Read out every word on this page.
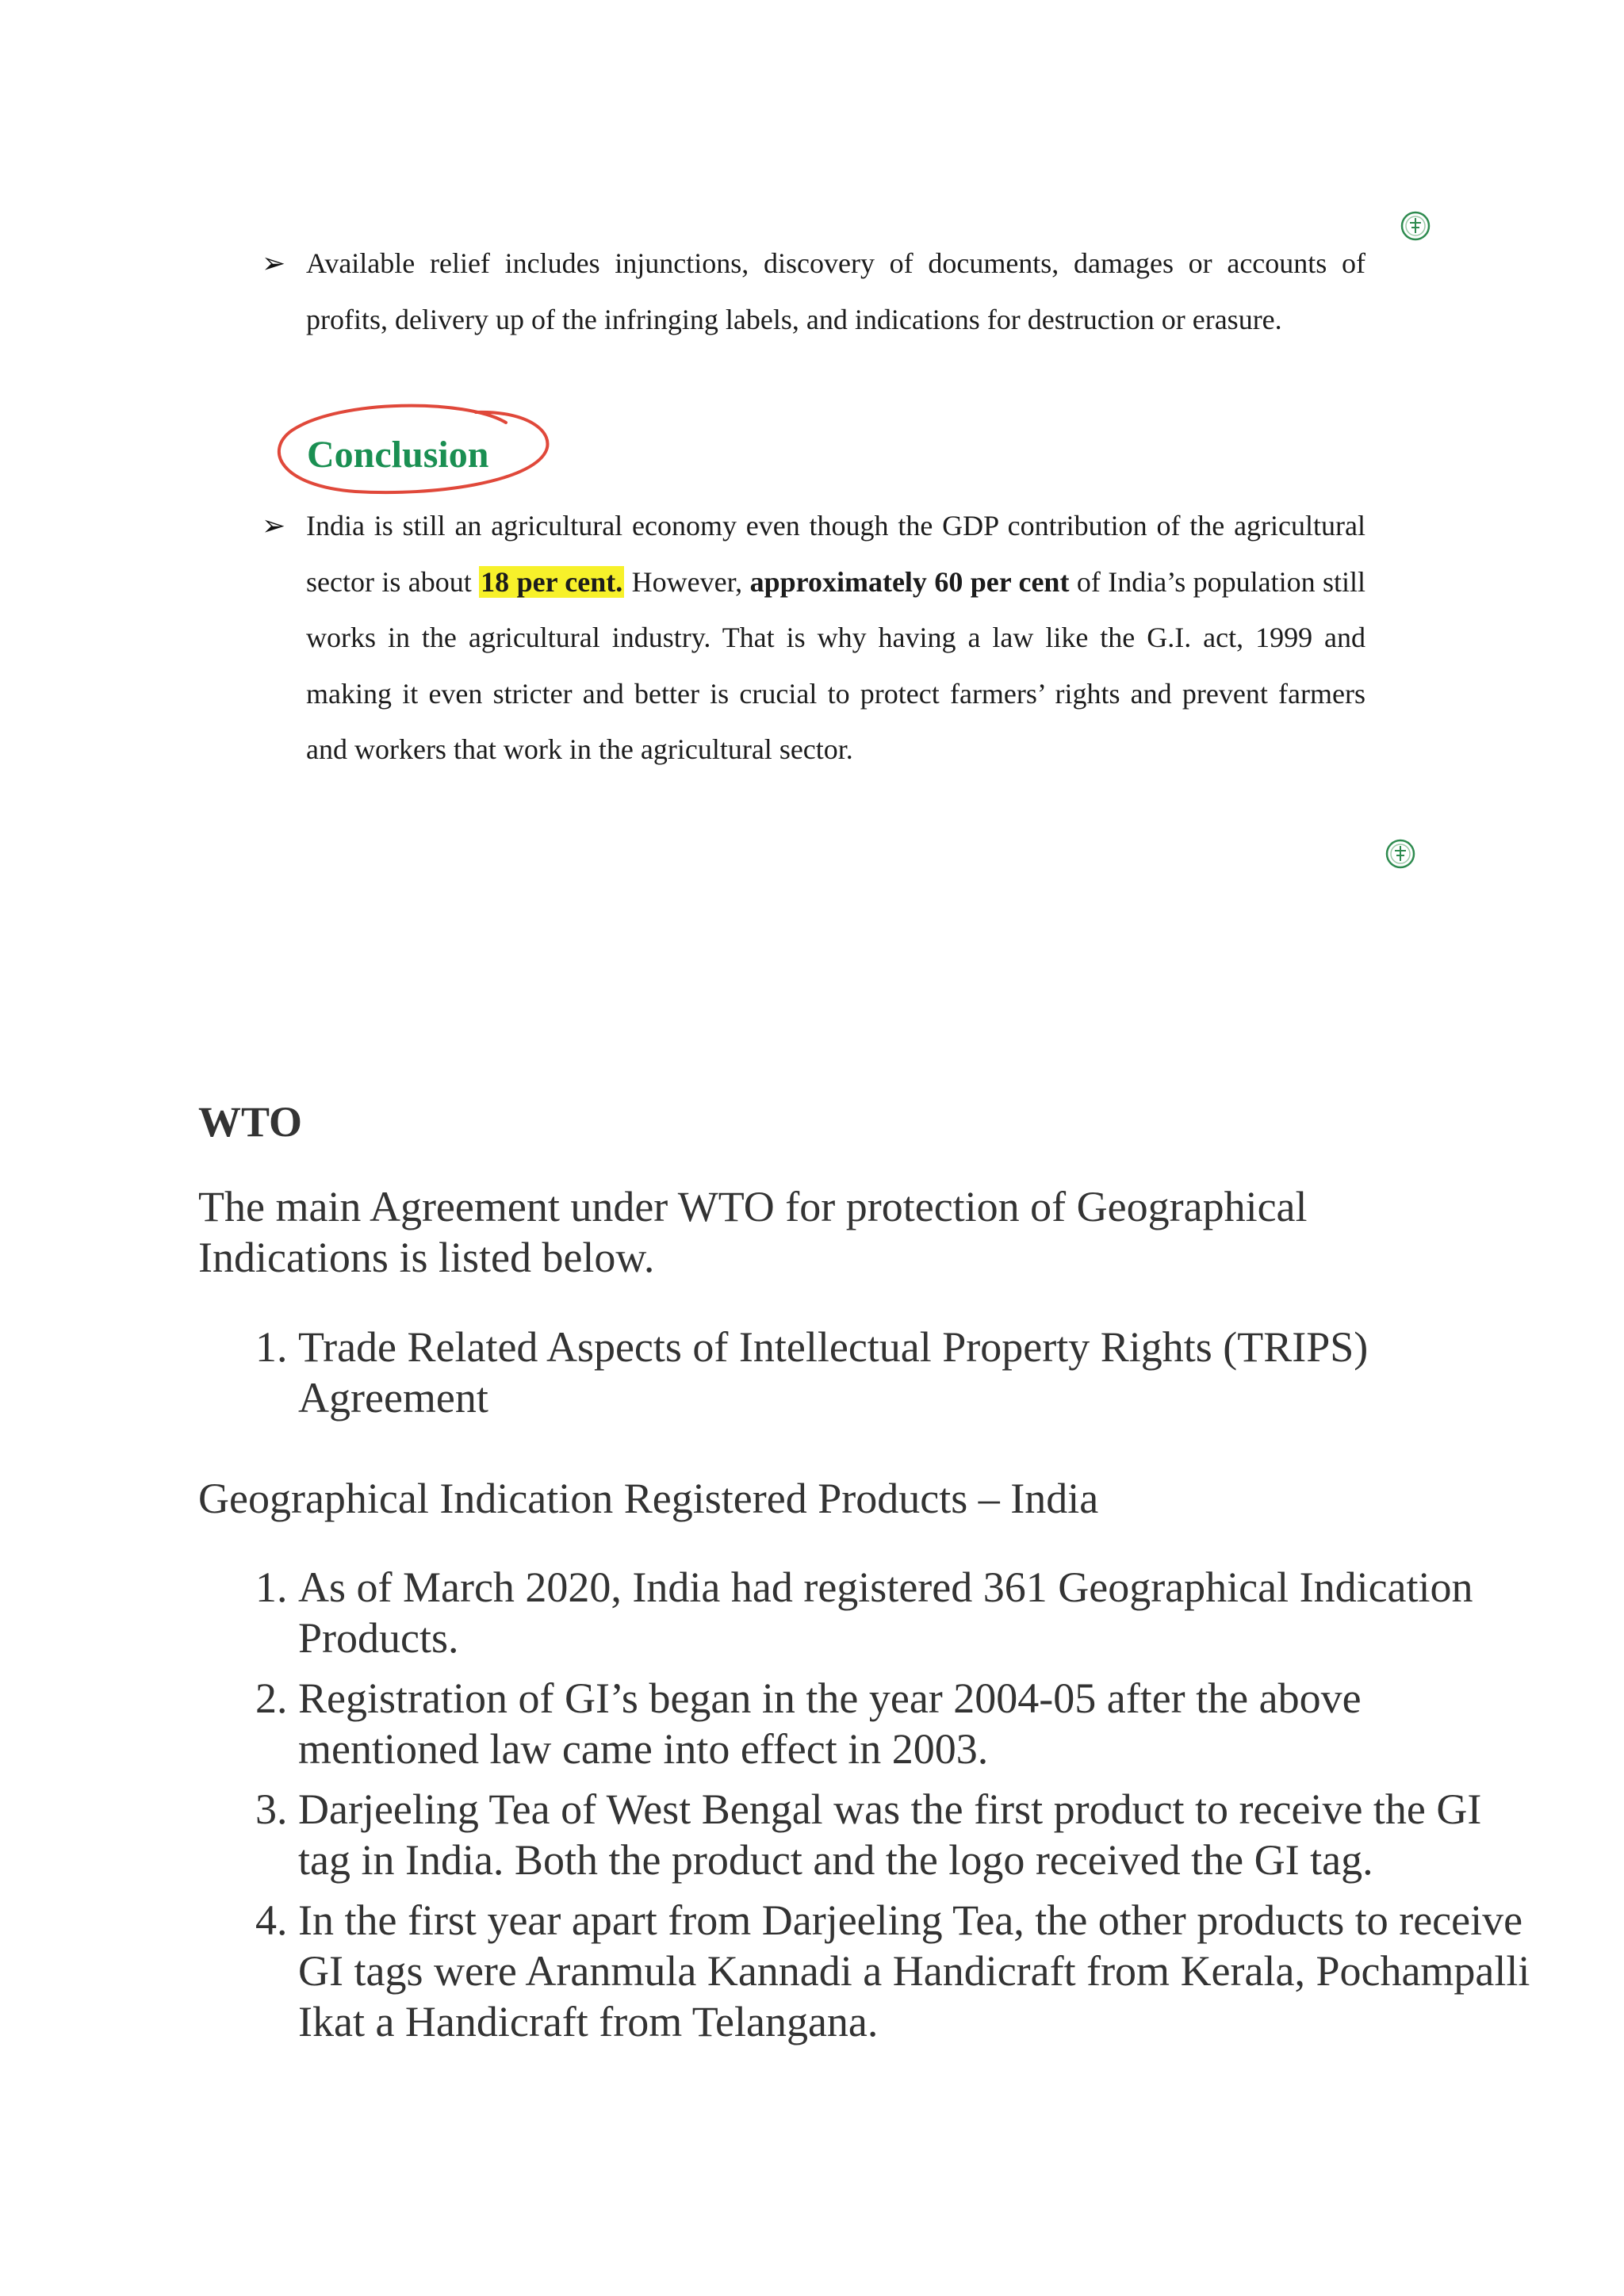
➢ Available relief includes injunctions, discovery of documents, damages or accounts of profits, delivery up of the infringing labels, and indications for destruction or erasure.
Conclusion
➢ India is still an agricultural economy even though the GDP contribution of the agricultural sector is about 18 per cent. However, approximately 60 per cent of India’s population still works in the agricultural industry. That is why having a law like the G.I. act, 1999 and making it even stricter and better is crucial to protect farmers’ rights and prevent farmers and workers that work in the agricultural sector.
WTO
The main Agreement under WTO for protection of Geographical Indications is listed below.
1. Trade Related Aspects of Intellectual Property Rights (TRIPS) Agreement
Geographical Indication Registered Products – India
1. As of March 2020, India had registered 361 Geographical Indication Products.
2. Registration of GI’s began in the year 2004-05 after the above mentioned law came into effect in 2003.
3. Darjeeling Tea of West Bengal was the first product to receive the GI tag in India. Both the product and the logo received the GI tag.
4. In the first year apart from Darjeeling Tea, the other products to receive GI tags were Aranmula Kannadi a Handicraft from Kerala, Pochampalli Ikat a Handicraft from Telangana.
